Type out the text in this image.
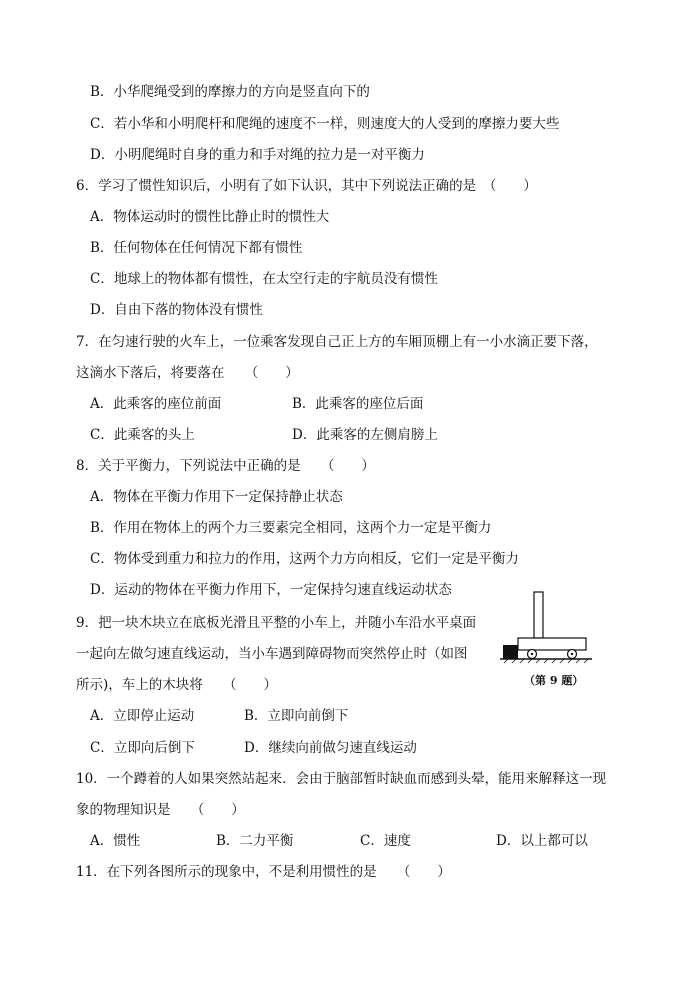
B．小华爬绳受到的摩擦力的方向是竖直向下的
C．若小华和小明爬杆和爬绳的速度不一样，则速度大的人受到的摩擦力要大些
D．小明爬绳时自身的重力和手对绳的拉力是一对平衡力
6．学习了惯性知识后，小明有了如下认识，其中下列说法正确的是　（　　）
A．物体运动时的惯性比静止时的惯性大
B．任何物体在任何情况下都有惯性
C．地球上的物体都有惯性，在太空行走的宇航员没有惯性
D．自由下落的物体没有惯性
7．在匀速行驶的火车上，一位乘客发现自己正上方的车厢顶棚上有一小水滴正要下落，
这滴水下落后，将要落在　　（　　）
A．此乘客的座位前面	B．此乘客的座位后面
C．此乘客的头上	D．此乘客的左侧肩膀上
8．关于平衡力，下列说法中正确的是　　（　　）
A．物体在平衡力作用下一定保持静止状态
B．作用在物体上的两个力三要素完全相同，这两个力一定是平衡力
C．物体受到重力和拉力的作用，这两个力方向相反，它们一定是平衡力
D．运动的物体在平衡力作用下，一定保持匀速直线运动状态
9．把一块木块立在底板光滑且平整的小车上，并随小车沿水平桌面
一起向左做匀速直线运动，当小车遇到障碍物而突然停止时（如图
所示)，车上的木块将　　（　　）
A．立即停止运动	B．立即向前倒下
C．立即向后倒下	D．继续向前做匀速直线运动
（第 9 题）
10．一个蹲着的人如果突然站起来．会由于脑部暂时缺血而感到头晕，能用来解释这一现
象的物理知识是　　（　　）
A．惯性	B．二力平衡	C．速度	D．以上都可以
11．在下列各图所示的现象中，不是利用惯性的是　　（　　）
